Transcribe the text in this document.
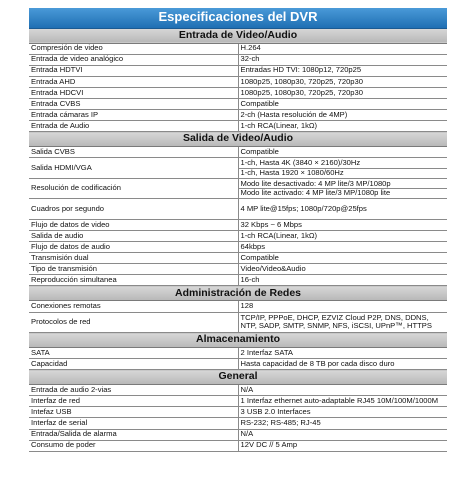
Especificaciones del DVR	
Entrada de Video/Audio	
Compresión de video	H.264

Entrada de video analógico	32-ch

Entrada HDTVI	Entradas HD TVI: 1080p12, 720p25

Entrada AHD	1080p25, 1080p30, 720p25, 720p30

Entrada HDCVI	1080p25, 1080p30, 720p25, 720p30

Entrada CVBS	Compatible

Entrada cámaras IP	2-ch (Hasta resolución de 4MP)

Entrada de Audio	1-ch RCA(Linear, 1kΩ)

Salida de Video/Audio	
Salida CVBS	Compatible

Salida HDMI/VGA	1-ch, Hasta 4K (3840 × 2160)/30Hz
1-ch, Hasta 1920 × 1080/60Hz

Resolución de codificación	Modo lite desactivado: 4 MP lite/3 MP/1080p
Modo lite activado: 4 MP lite/3 MP/1080p lite

Cuadros por segundo	4 MP lite@15fps; 1080p/720p@25fps

Flujo de datos de video	32 Kbps ~ 6 Mbps

Salida de audio	1-ch RCA(Linear, 1kΩ)

Flujo de datos de audio	64kbps

Transmisión dual	Compatible

Tipo de transmisión	Video/Video&Audio

Reproducción simultanea	16-ch

Administración de Redes	
Conexiones remotas	128

Protocolos de red	TCP/IP, PPPoE, DHCP, EZVIZ Cloud P2P, DNS, DDNS, NTP, SADP, SMTP, SNMP, NFS, iSCSI, UPnP™, HTTPS

Almacenamiento	
SATA	2 Interfaz SATA

Capacidad	Hasta capacidad de 8 TB por cada disco duro

General	
Entrada de audio 2-vias	N/A

Interfaz de red	1 Interfaz ethernet auto-adaptable RJ45 10M/100M/1000M

Intefaz USB	3 USB 2.0 Interfaces

Interfaz de serial	RS-232; RS-485; RJ-45

Entrada/Salida de alarma	N/A

Consumo de poder	12V DC // 5 Amp
